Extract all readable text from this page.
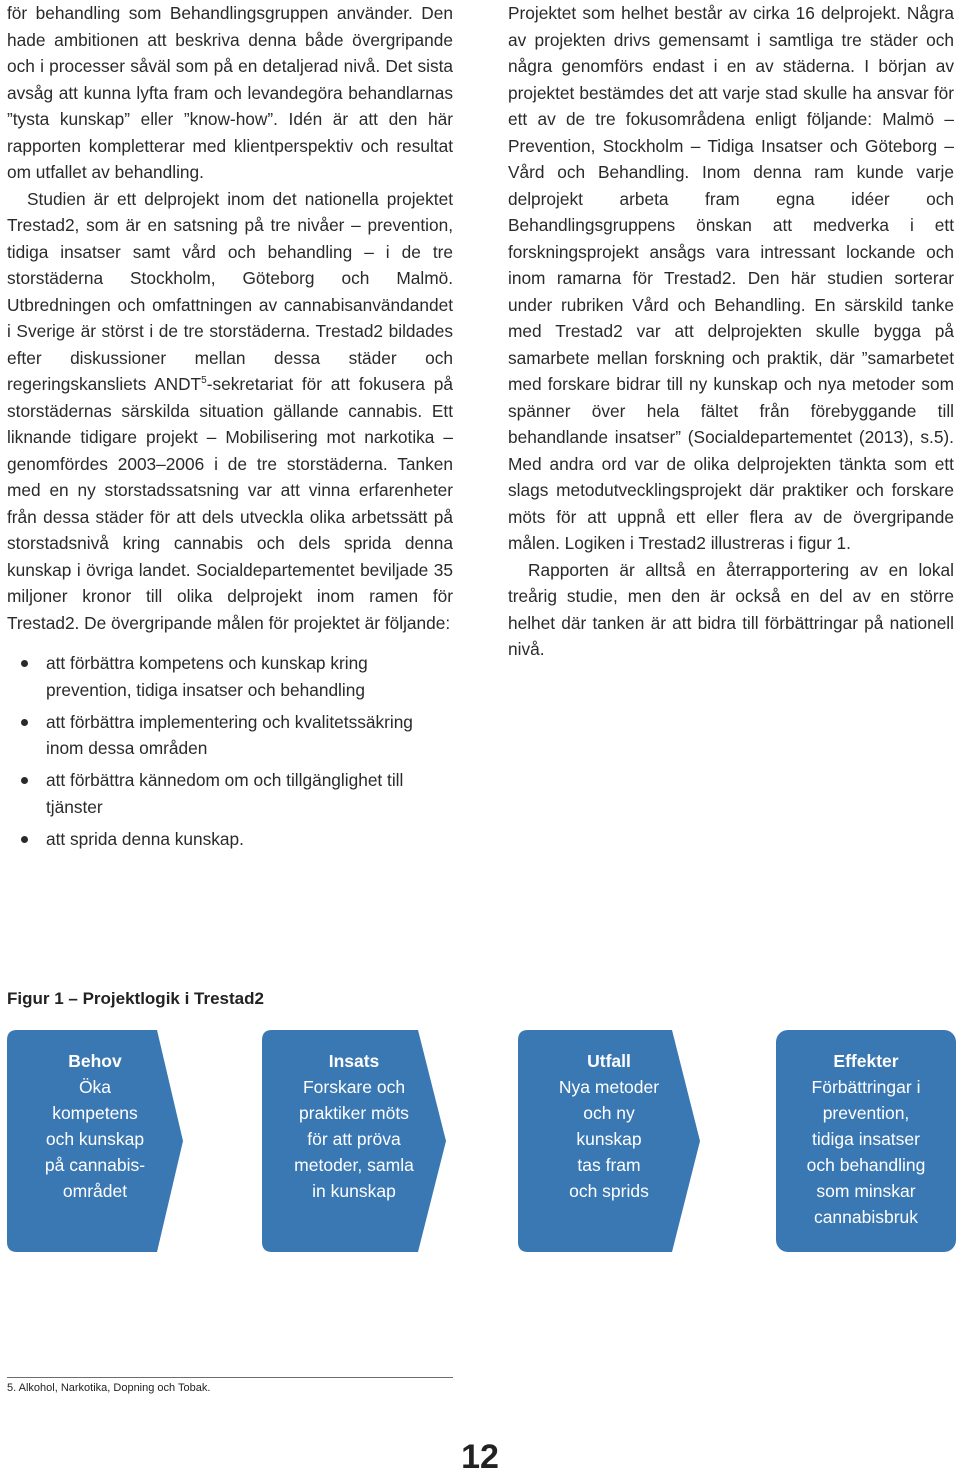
för behandling som Behandlingsgruppen använder. Den hade ambitionen att beskriva denna både övergripande och i processer såväl som på en detaljerad nivå. Det sista avsåg att kunna lyfta fram och levandegöra behandlarnas ”tysta kunskap” eller ”know-how”. Idén är att den här rapporten kompletterar med klientperspektiv och resultat om utfallet av behandling.

Studien är ett delprojekt inom det nationella projektet Trestad2, som är en satsning på tre nivåer – prevention, tidiga insatser samt vård och behandling – i de tre storstäderna Stockholm, Göteborg och Malmö. Utbredningen och omfattningen av cannabisanvändandet i Sverige är störst i de tre storstäderna. Trestad2 bildades efter diskussioner mellan dessa städer och regeringskansliets ANDT$^5$-sekretariat för att fokusera på storstädernas särskilda situation gällande cannabis. Ett liknande tidigare projekt – Mobilisering mot narkotika – genomfördes 2003–2006 i de tre storstäderna. Tanken med en ny storstadssatsning var att vinna erfarenheter från dessa städer för att dels utveckla olika arbetssätt på storstadsnivå kring cannabis och dels sprida denna kunskap i övriga landet. Socialdepartementet beviljade 35 miljoner kronor till olika delprojekt inom ramen för Trestad2. De övergripande målen för projektet är följande:

att förbättra kompetens och kunskap kring prevention, tidiga insatser och behandling
att förbättra implementering och kvalitetssäkring inom dessa områden
att förbättra kännedom om och tillgänglighet till tjänster
att sprida denna kunskap.

Projektet som helhet består av cirka 16 delprojekt. Några av projekten drivs gemensamt i samtliga tre städer och några genomförs endast i en av städerna. I början av projektet bestämdes det att varje stad skulle ha ansvar för ett av de tre fokusområdena enligt följande: Malmö – Prevention, Stockholm – Tidiga Insatser och Göteborg – Vård och Behandling. Inom denna ram kunde varje delprojekt arbeta fram egna idéer och Behandlingsgruppens önskan att medverka i ett forskningsprojekt ansågs vara intressant lockande och inom ramarna för Trestad2. Den här studien sorterar under rubriken Vård och Behandling. En särskild tanke med Trestad2 var att delprojekten skulle bygga på samarbete mellan forskning och praktik, där ”samarbetet med forskare bidrar till ny kunskap och nya metoder som spänner över hela fältet från förebyggande till behandlande insatser” (Socialdepartementet (2013), s.5). Med andra ord var de olika delprojekten tänkta som ett slags metodutvecklingsprojekt där praktiker och forskare möts för att uppnå ett eller flera av de övergripande målen. Logiken i Trestad2 illustreras i figur 1.

Rapporten är alltså en återrapportering av en lokal treårig studie, men den är också en del av en större helhet där tanken är att bidra till förbättringar på nationell nivå.

Figur 1 – Projektlogik i Trestad2

Behov
Öka
kompetens
och kunskap
på cannabis-
området
Insats
Forskare och
praktiker möts
för att pröva
metoder, samla
in kunskap
Utfall
Nya metoder
och ny
kunskap
tas fram
och sprids
Effekter
Förbättringar i
prevention,
tidiga insatser
och behandling
som minskar
cannabisbruk

5. Alkohol, Narkotika, Dopning och Tobak.

12
